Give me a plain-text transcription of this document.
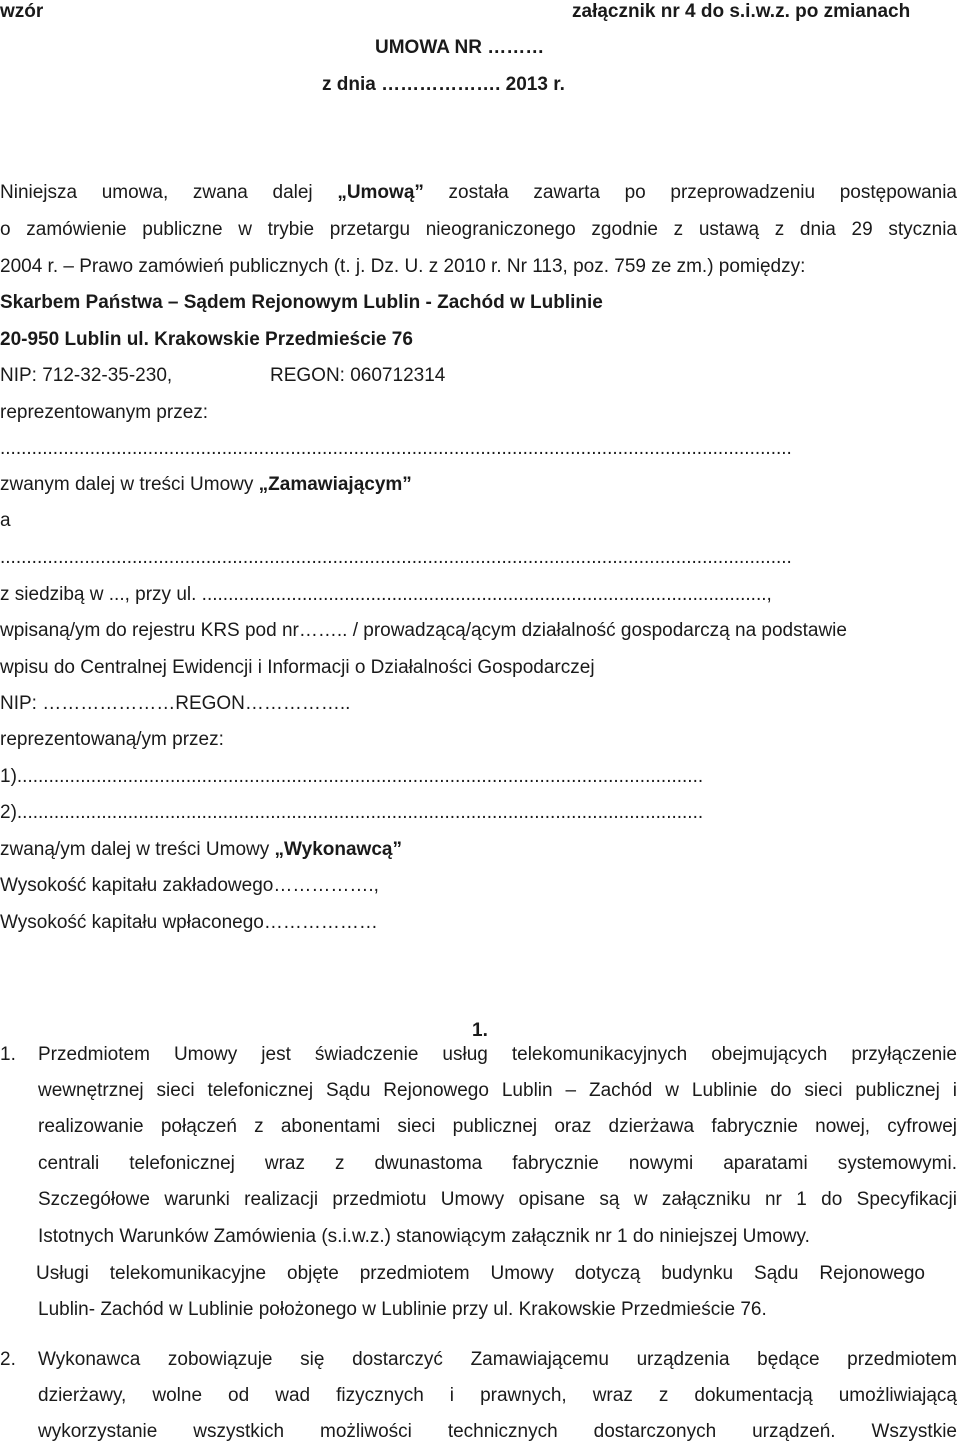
wzór	załącznik nr 4 do s.i.w.z. po zmianach
UMOWA NR ………
z dnia ………………. 2013 r.
Niniejsza umowa, zwana dalej „Umową” została zawarta po przeprowadzeniu postępowania
o zamówienie publiczne w trybie przetargu nieograniczonego zgodnie z ustawą z dnia 29 stycznia
2004 r. – Prawo zamówień publicznych (t. j. Dz. U. z 2010 r. Nr 113, poz. 759 ze zm.) pomiędzy:
Skarbem Państwa – Sądem Rejonowym Lublin - Zachód w Lublinie
20-950 Lublin ul. Krakowskie Przedmieście 76
NIP: 712-32-35-230,	REGON: 060712314
reprezentowanym przez:
......................................................................................................................................................
zwanym dalej w treści Umowy „Zamawiającym”
a
......................................................................................................................................................
z siedzibą w ..., przy ul. ...........................................................................................................,
wpisaną/ym do rejestru KRS pod nr…….. / prowadzącą/ącym działalność gospodarczą na podstawie
wpisu do Centralnej Ewidencji i Informacji o Działalności Gospodarczej
NIP: …………………REGON……………..
reprezentowaną/ym przez:
1)..................................................................................................................................
2)..................................................................................................................................
zwaną/ym dalej w treści Umowy „Wykonawcą”
Wysokość kapitału zakładowego…………….,
Wysokość kapitału wpłaconego………………
1.
1. Przedmiotem Umowy jest świadczenie usług telekomunikacyjnych obejmujących przyłączenie
wewnętrznej sieci telefonicznej Sądu Rejonowego Lublin – Zachód w Lublinie do sieci publicznej i
realizowanie połączeń z abonentami sieci publicznej oraz dzierżawa fabrycznie nowej, cyfrowej
centrali telefonicznej wraz z dwunastoma fabrycznie nowymi aparatami systemowymi.
Szczegółowe warunki realizacji przedmiotu Umowy opisane są w załączniku nr 1 do Specyfikacji
Istotnych Warunków Zamówienia (s.i.w.z.) stanowiącym załącznik nr 1 do niniejszej Umowy.
Usługi telekomunikacyjne objęte przedmiotem Umowy dotyczą budynku Sądu Rejonowego
Lublin- Zachód w Lublinie położonego w Lublinie przy ul. Krakowskie Przedmieście 76.
2. Wykonawca zobowiązuje się dostarczyć Zamawiającemu urządzenia będące przedmiotem
dzierżawy, wolne od wad fizycznych i prawnych, wraz z dokumentacją umożliwiającą
wykorzystanie wszystkich możliwości technicznych dostarczonych urządzeń. Wszystkie
